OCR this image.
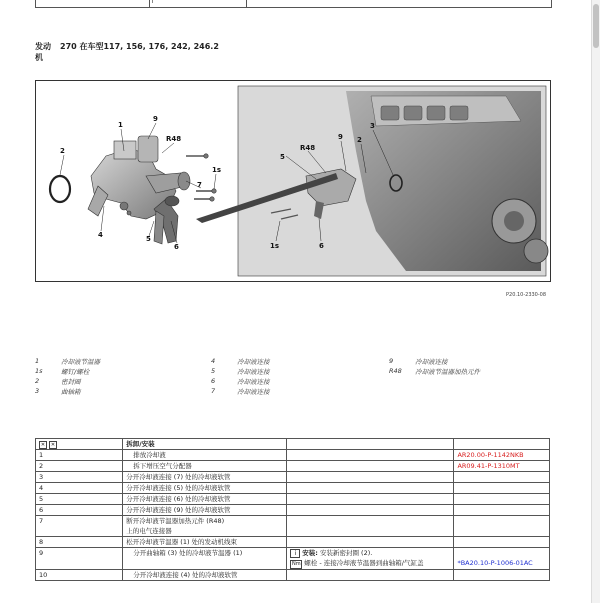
发动
机
270 在车型117, 156, 176, 242, 246.2
1
9
R48
2
1s
7
4	5
6
5
R48
9 2
3
1s	6
P20.10-2330-08
1	冷却液节温器
1s	螺钉/螺栓
2	密封圈
3	曲轴箱
4	冷却液连接
5	冷却液连接
6	冷却液连接
7	冷却液连接
9	冷却液连接
R48	冷却液节温器加热元件
✕ ✕	拆卸/安装		
1	排放冷却液		AR20.00-P-1142NKB
2	拆下增压空气分配器		AR09.41-P-1310MT
3	分开冷却液连接 (7) 处的冷却液软管		
4	分开冷却液连接 (5) 处的冷却液软管		
5	分开冷却液连接 (6) 处的冷却液软管		
6	分开冷却液连接 (9) 处的冷却液软管		
7	断开冷却液节温器加热元件 (R48)
上的电气连接器		

8	松开冷却液节温器 (1) 处的发动机线束		
9	分开曲轴箱 (3) 处的冷却液节温器 (1)	i 安装: 安装新密封圈 (2).
Nm 螺栓 - 连接冷却液节温器到曲轴箱/气缸盖	*BA20.10-P-1006-01AC

10	分开冷却液连接 (4) 处的冷却液软管		
